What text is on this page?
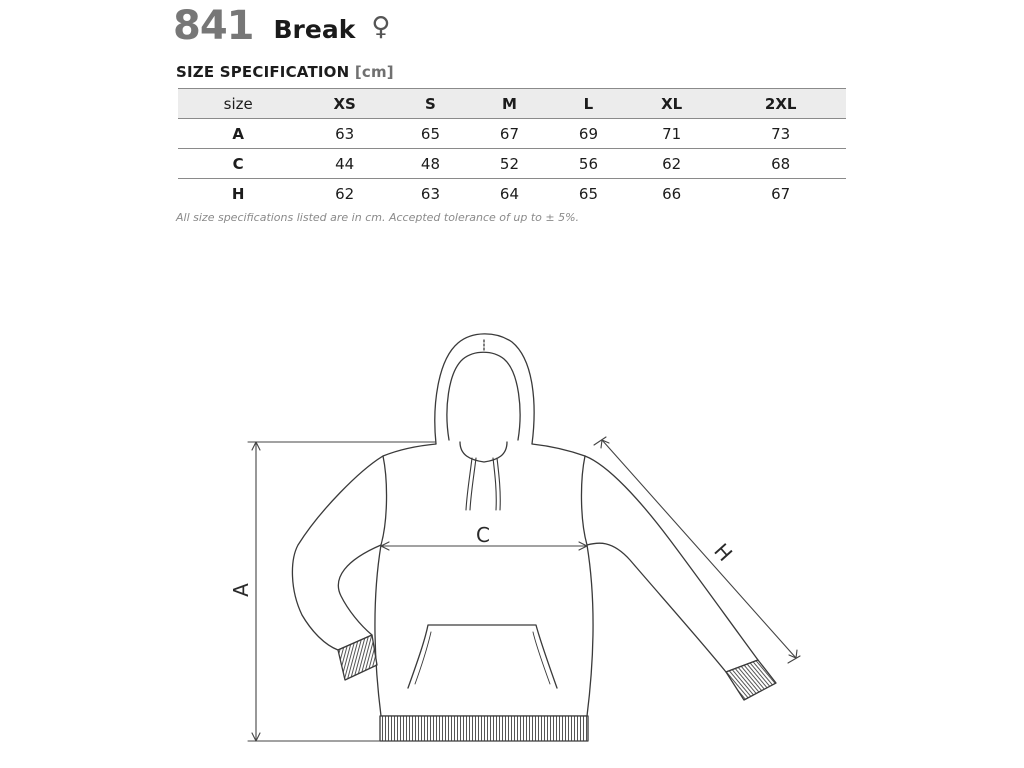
841 Break ♀
SIZE SPECIFICATION [cm]
size	XS	S	M	L	XL	2XL
A	63	65	67	69	71	73
C	44	48	52	56	62	68
H	62	63	64	65	66	67
All size specifications listed are in cm. Accepted tolerance of up to ± 5%.
A
C
H
